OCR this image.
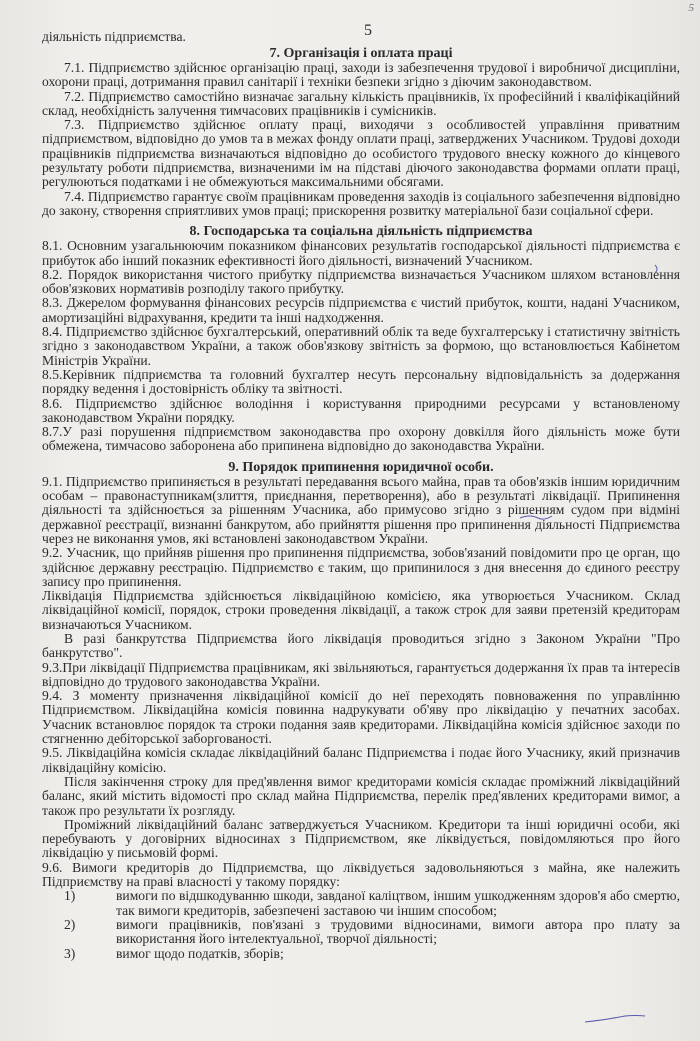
5
діяльність підприємства.	5
7. Організація і оплата праці

7.1. Підприємство здійснює організацію праці, заходи із забезпечення трудової і виробничої дисципліни, охорони праці, дотримання правил санітарії і техніки безпеки згідно з діючим законодавством.

7.2. Підприємство самостійно визначає загальну кількість працівників, їх професійний і кваліфікаційний склад, необхідність залучення тимчасових працівників і сумісників.

7.3. Підприємство здійснює оплату праці, виходячи з особливостей управління приватним підприємством, відповідно до умов та в межах фонду оплати праці, затверджених Учасником. Трудові доходи працівників підприємства визначаються відповідно до особистого трудового внеску кожного до кінцевого результату роботи підприємства, визначеними ім на підставі діючого законодавства формами оплати праці, регулюються податками і не обмежуються максимальними обсягами.

7.4. Підприємство гарантує своїм працівникам проведення заходів із соціального забезпечення відповідно до закону, створення сприятливих умов праці; прискорення розвитку матеріальної бази соціальної сфери.

8. Господарська та соціальна діяльність підприємства

8.1. Основним узагальнюючим показником фінансових результатів господарської діяльності підприємства є прибуток або інший показник ефективності його діяльності, визначений Учасником.

8.2. Порядок використання чистого прибутку підприємства визначається Учасником шляхом встановлення обов'язкових нормативів розподілу такого прибутку.

8.3. Джерелом формування фінансових ресурсів підприємства є чистий прибуток, кошти, надані Учасником, амортизаційні відрахування, кредити та інші надходження.

8.4. Підприємство здійснює бухгалтерський, оперативний облік та веде бухгалтерську і статистичну звітність згідно з законодавством України, а також обов'язкову звітність за формою, що встановлюється Кабінетом Міністрів України.

8.5.Керівник підприємства та головний бухгалтер несуть персональну відповідальність за додержання порядку ведення і достовірність обліку та звітності.

8.6. Підприємство здійснює володіння і користування природними ресурсами у встановленому законодавством України порядку.

8.7.У разі порушення підприємством законодавства про охорону довкілля його діяльність може бути обмежена, тимчасово заборонена або припинена відповідно до законодавства України.

9. Порядок припинення юридичної особи.

9.1. Підприємство припиняється в результаті передавання всього майна, прав та обов'язків іншим юридичним особам – правонаступникам(злиття, приєднання, перетворення), або в результаті ліквідації. Припинення діяльності та здійснюється за рішенням Учасника, або примусово згідно з рішенням судом при відміні державної реєстрації, визнанні банкрутом, або прийняття рішення про припинення діяльності Підприємства через не виконання умов, які встановлені законодавством України.

9.2. Учасник, що прийняв рішення про припинення підприємства, зобов'язаний повідомити про це орган, що здійснює державну реєстрацію. Підприємство є таким, що припинилося з дня внесення до єдиного реєстру запису про припинення.

Ліквідація Підприємства здійснюється ліквідаційною комісією, яка утворюється Учасником. Склад ліквідаційної комісії, порядок, строки проведення ліквідації, а також строк для заяви претензій кредиторам визначаються Учасником.

В разі банкрутства Підприємства його ліквідація проводиться згідно з Законом України "Про банкрутство".

9.3.При ліквідації Підприємства працівникам, які звільняються, гарантується додержання їх прав та інтересів відповідно до трудового законодавства України.

9.4. З моменту призначення ліквідаційної комісії до неї переходять повноваження по управлінню Підприємством. Ліквідаційна комісія повинна надрукувати об'яву про ліквідацію у печатних засобах. Учасник встановлює порядок та строки подання заяв кредиторами. Ліквідаційна комісія здійснює заходи по стягненню дебіторської заборгованості.

9.5. Ліквідаційна комісія складає ліквідаційний баланс Підприємства і подає його Учаснику, який призначив ліквідаційну комісію.

Після закінчення строку для пред'явлення вимог кредиторами комісія складає проміжний ліквідаційний баланс, який містить відомості про склад майна Підприємства, перелік пред'явлених кредиторами вимог, а також про результати їх розгляду.

Проміжний ліквідаційний баланс затверджується Учасником. Кредитори та інші юридичні особи, які перебувають у договірних відносинах з Підприємством, яке ліквідується, повідомляються про його ліквідацію у письмовій формі.

9.6. Вимоги кредиторів до Підприємства, що ліквідується задовольняються з майна, яке належить Підприємству на праві власності у такому порядку:

1)	вимоги по відшкодуванню шкоди, завданої каліцтвом, іншим ушкодженням здоров'я або смертю, так вимоги кредиторів, забезпечені заставою чи іншим способом;
2)	вимоги працівників, пов'язані з трудовими відносинами, вимоги автора про плату за використання його інтелектуальної, творчої діяльності;
3)	вимог щодо податків, зборів;
